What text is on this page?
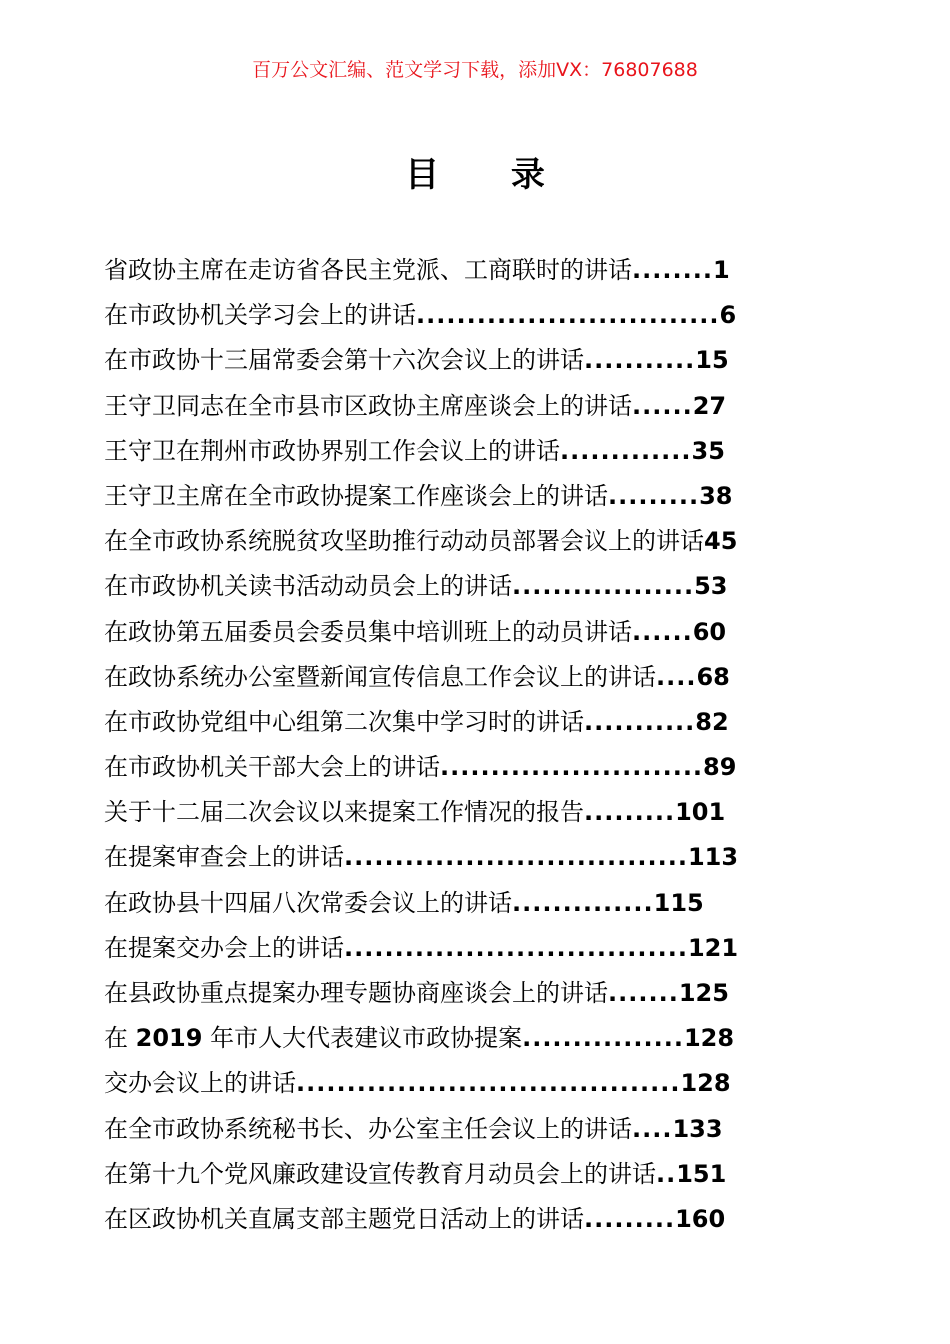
百万公文汇编、范文学习下载，添加VX：76807688
目 录
省政协主席在走访省各民主党派、工商联时的讲话........1
在市政协机关学习会上的讲话..............................6
在市政协十三届常委会第十六次会议上的讲话...........15
王守卫同志在全市县市区政协主席座谈会上的讲话......27
王守卫在荆州市政协界别工作会议上的讲话.............35
王守卫主席在全市政协提案工作座谈会上的讲话.........38
在全市政协系统脱贫攻坚助推行动动员部署会议上的讲话45
在市政协机关读书活动动员会上的讲话..................53
在政协第五届委员会委员集中培训班上的动员讲话......60
在政协系统办公室暨新闻宣传信息工作会议上的讲话....68
在市政协党组中心组第二次集中学习时的讲话...........82
在市政协机关干部大会上的讲话..........................89
关于十二届二次会议以来提案工作情况的报告.........101
在提案审查会上的讲话..................................113
在政协县十四届八次常委会议上的讲话..............115
在提案交办会上的讲话..................................121
在县政协重点提案办理专题协商座谈会上的讲话.......125
在 2019 年市人大代表建议市政协提案................128
交办会议上的讲话......................................128
在全市政协系统秘书长、办公室主任会议上的讲话....133
在第十九个党风廉政建设宣传教育月动员会上的讲话..151
在区政协机关直属支部主题党日活动上的讲话.........160
